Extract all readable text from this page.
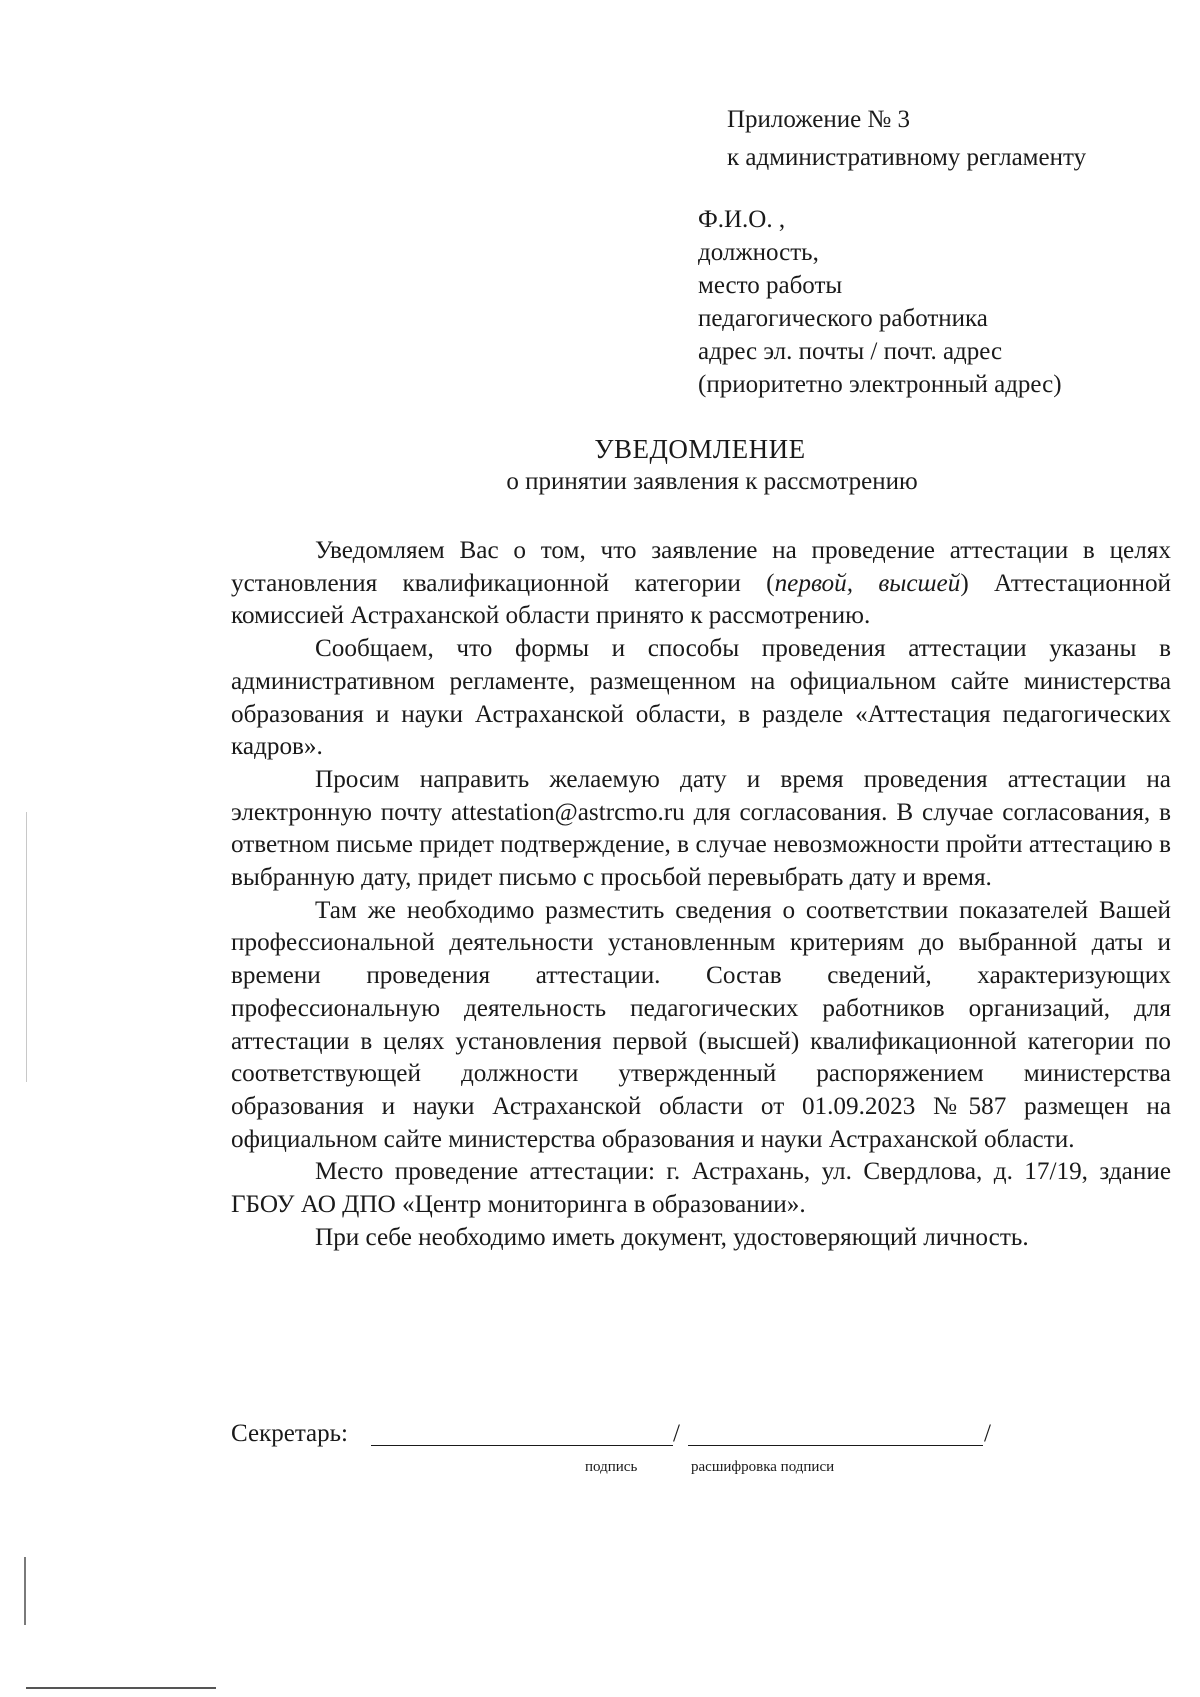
Приложение № 3
к административному регламенту
Ф.И.О. ,
должность,
место работы
педагогического работника
адрес эл. почты / почт. адрес
(приоритетно электронный адрес)
УВЕДОМЛЕНИЕ
о принятии заявления к рассмотрению

Уведомляем Вас о том, что заявление на проведение аттестации в целях установления квалификационной категории (первой, высшей) Аттестационной комиссией Астраханской области принято к рассмотрению.

Сообщаем, что формы и способы проведения аттестации указаны в административном регламенте, размещенном на официальном сайте министерства образования и науки Астраханской области, в разделе «Аттестация педагогических кадров».

Просим направить желаемую дату и время проведения аттестации на электронную почту attestation@astrcmo.ru для согласования. В случае согласования, в ответном письме придет подтверждение, в случае невозможности пройти аттестацию в выбранную дату, придет письмо с просьбой перевыбрать дату и время.

Там же необходимо разместить сведения о соответствии показателей Вашей профессиональной деятельности установленным критериям до выбранной даты и времени проведения аттестации. Состав сведений, характеризующих профессиональную деятельность педагогических работников организаций, для аттестации в целях установления первой (высшей) квалификационной категории по соответствующей должности утвержденный распоряжением министерства образования и науки Астраханской области от 01.09.2023 №587 размещен на официальном сайте министерства образования и науки Астраханской области.

Место проведение аттестации: г. Астрахань, ул. Свердлова, д. 17/19, здание ГБОУ АО ДПО «Центр мониторинга в образовании».

При себе необходимо иметь документ, удостоверяющий личность.

Секретарь:	/	/
подпись	расшифровка подписи
